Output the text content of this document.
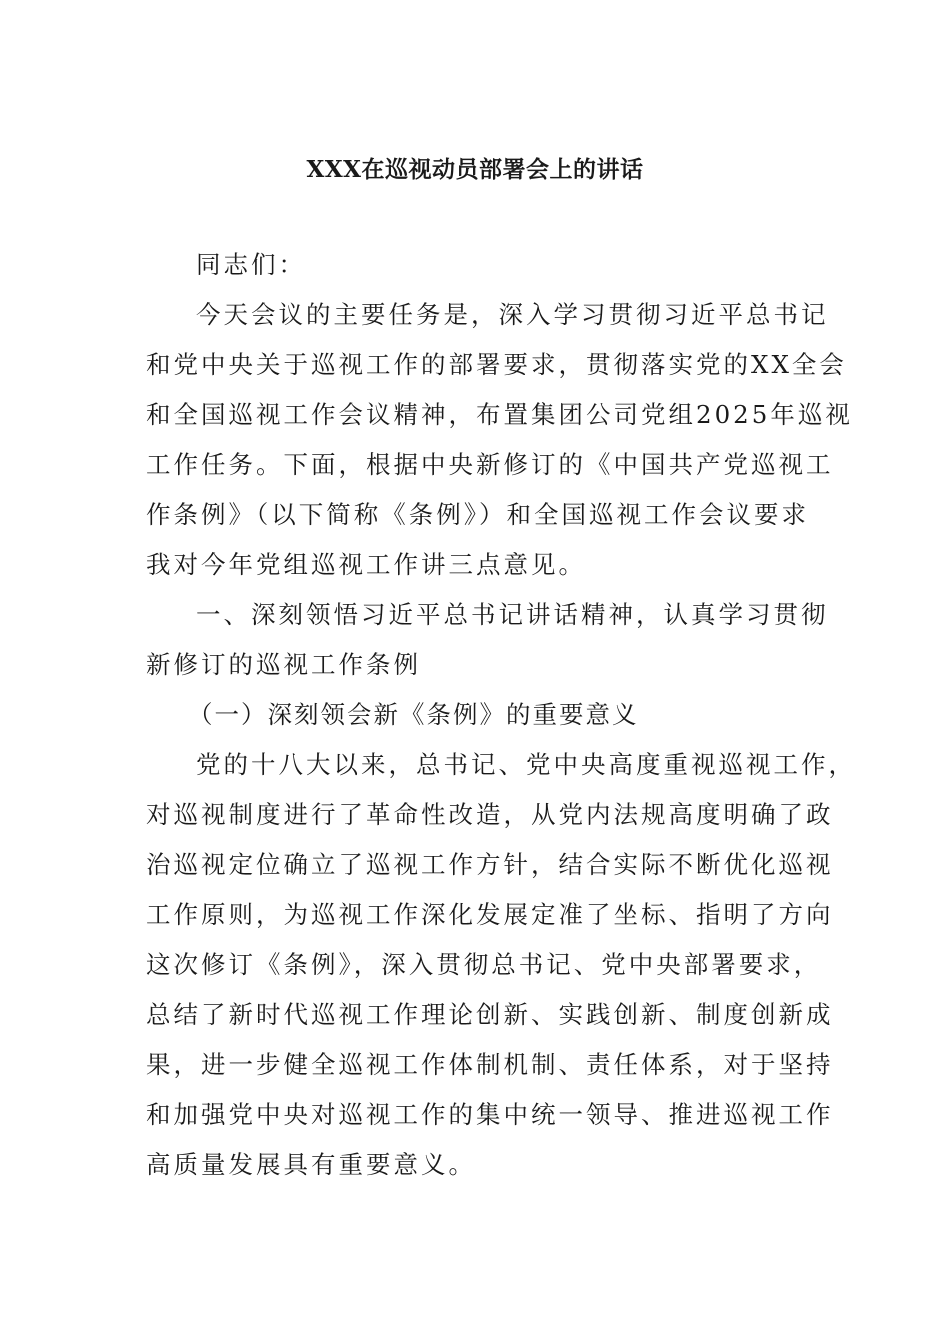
XXX在巡视动员部署会上的讲话
同志们：
今天会议的主要任务是，深入学习贯彻习近平总书记
和党中央关于巡视工作的部署要求，贯彻落实党的XX全会
和全国巡视工作会议精神，布置集团公司党组2025年巡视
工作任务。下面，根据中央新修订的《中国共产党巡视工
作条例》（以下简称《条例》）和全国巡视工作会议要求
我对今年党组巡视工作讲三点意见。
一、深刻领悟习近平总书记讲话精神，认真学习贯彻
新修订的巡视工作条例
（一）深刻领会新《条例》的重要意义
党的十八大以来，总书记、党中央高度重视巡视工作，
对巡视制度进行了革命性改造，从党内法规高度明确了政
治巡视定位确立了巡视工作方针，结合实际不断优化巡视
工作原则，为巡视工作深化发展定准了坐标、指明了方向
这次修订《条例》，深入贯彻总书记、党中央部署要求，
总结了新时代巡视工作理论创新、实践创新、制度创新成
果，进一步健全巡视工作体制机制、责任体系，对于坚持
和加强党中央对巡视工作的集中统一领导、推进巡视工作
高质量发展具有重要意义。
